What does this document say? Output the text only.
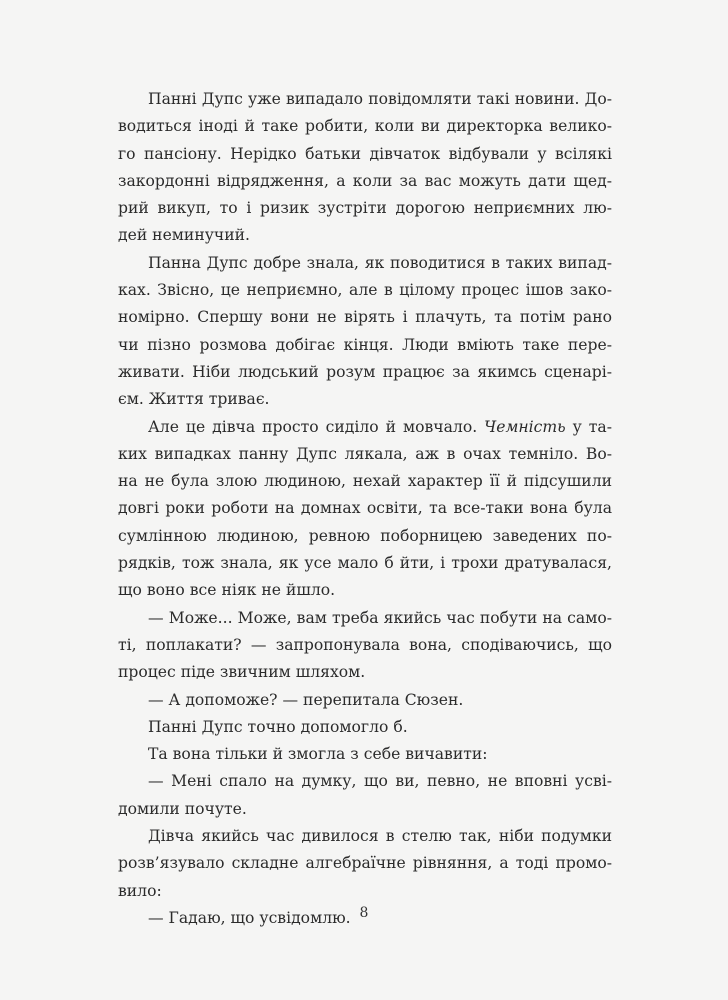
Панні Дупс уже випадало повідомляти такі новини. До-
водиться іноді й таке робити, коли ви директорка велико-
го пансіону. Нерідко батьки дівчаток відбували у всілякі
закордонні відрядження, а коли за вас можуть дати щед-
рий викуп, то і ризик зустріти дорогою неприємних лю-
дей неминучий.
Панна Дупс добре знала, як поводитися в таких випад-
ках. Звісно, це неприємно, але в цілому процес ішов зако-
номірно. Спершу вони не вірять і плачуть, та потім рано
чи пізно розмова добігає кінця. Люди вміють таке пере-
живати. Ніби людський розум працює за якимсь сценарі-
єм. Життя триває.
Але це дівча просто сиділо й мовчало. Чемність у та-
ких випадках панну Дупс лякала, аж в очах темніло. Во-
на не була злою людиною, нехай характер її й підсушили
довгі роки роботи на домнах освіти, та все-таки вона була
сумлінною людиною, ревною поборницею заведених по-
рядків, тож знала, як усе мало б йти, і трохи дратувалася,
що воно все ніяк не йшло.
— Може... Може, вам треба якийсь час побути на само-
ті, поплакати? — запропонувала вона, сподіваючись, що
процес піде звичним шляхом.
— А допоможе? — перепитала Сюзен.
Панні Дупс точно допомогло б.
Та вона тільки й змогла з себе вичавити:
— Мені спало на думку, що ви, певно, не вповні усві-
домили почуте.
Дівча якийсь час дивилося в стелю так, ніби подумки
розв’язувало складне алгебраїчне рівняння, а тоді промо-
вило:
— Гадаю, що усвідомлю. 8
